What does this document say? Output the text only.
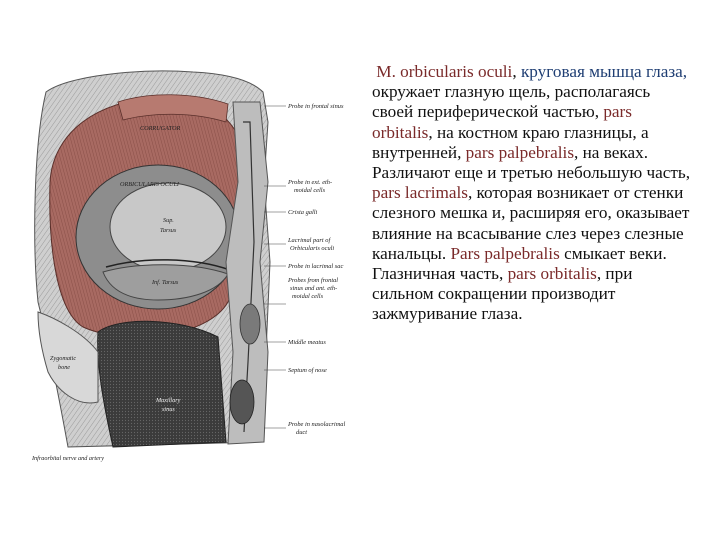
CORRUGATOR
ORBICULARIS OCULI
Sup.
Tarsus
Inf. Tarsus
Zygomatic
bone
Maxillary
sinus
Infraorbital nerve and artery
Probe in frontal sinus
Probe in ext. eth-
moidal cells
Crista galli
Lacrimal part of
Orbicularis oculi
Probe in lacrimal sac
Probes from frontal
sinus and ant. eth-
moidal cells
Middle meatus
Septum of nose
Probe in nasolacrimal
duct

M. orbicularis oculi, круговая мышца глаза, окружает глазную щель, располагаясь своей периферической частью, pars orbitalis, на костном краю глазницы, а внутренней, pars palpebralis, на веках. Различают еще и третью небольшую часть, pars lacrimals, которая возникает от стенки слезного мешка и, расширяя его, оказывает влияние на всасывание слез через слезные канальцы. Pars palpebralis смыкает веки. Глазничная часть, pars orbitalis, при сильном сокращении производит зажмуривание глаза.
